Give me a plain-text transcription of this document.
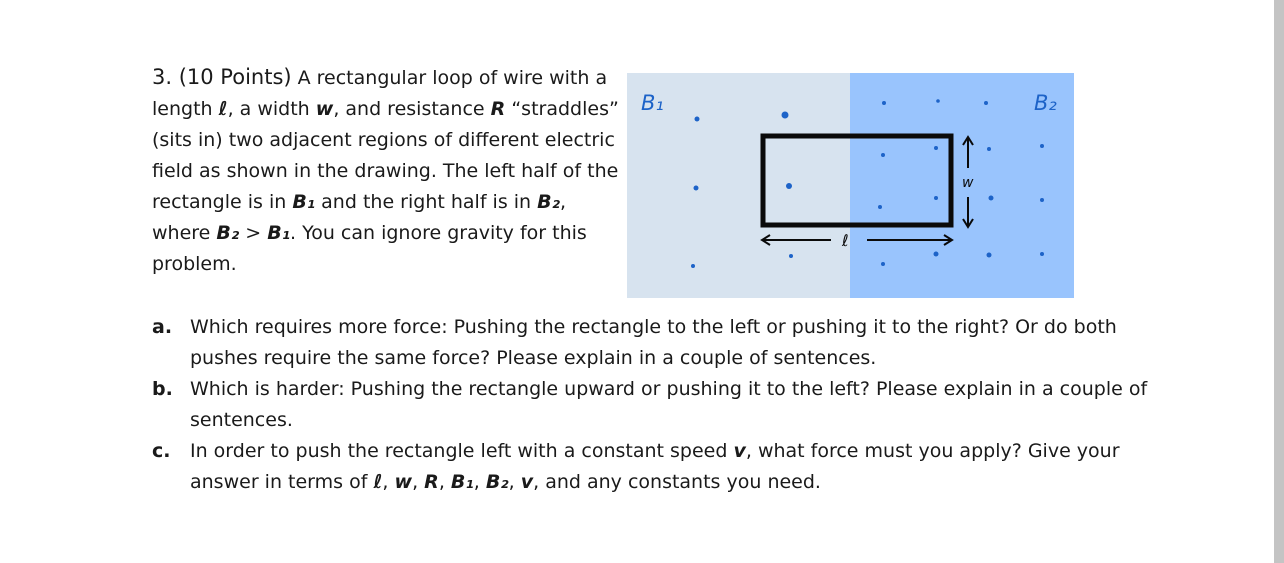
3. (10 Points) A rectangular loop of wire with a length ℓ, a width w, and resistance R “straddles” (sits in) two adjacent regions of different electric field as shown in the drawing. The left half of the rectangle is in B₁ and the right half is in B₂, where B₂ > B₁. You can ignore gravity for this problem.
B₁	B₂
w
ℓ
a. Which requires more force: Pushing the rectangle to the left or pushing it to the right? Or do both pushes require the same force? Please explain in a couple of sentences.
b. Which is harder: Pushing the rectangle upward or pushing it to the left? Please explain in a couple of sentences.
c. In order to push the rectangle left with a constant speed v, what force must you apply? Give your answer in terms of ℓ, w, R, B₁, B₂, v, and any constants you need.
